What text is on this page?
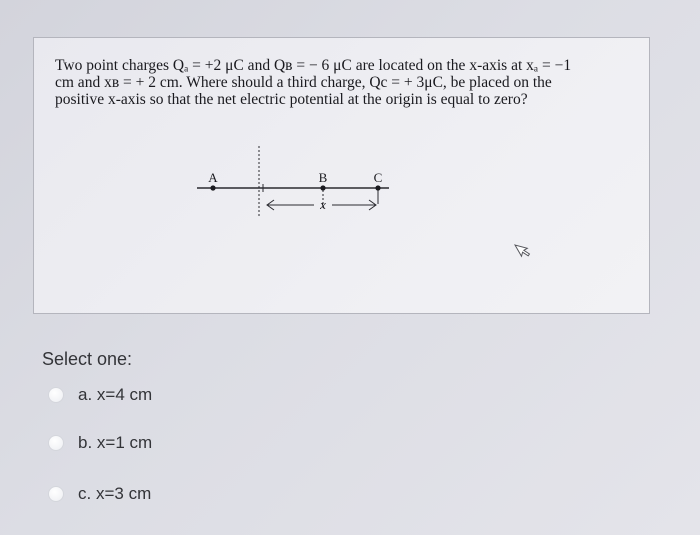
Two point charges Qₐ = +2 μC and Qʙ = − 6 μC are located on the x-axis at xₐ = −1
cm and xʙ = + 2 cm. Where should a third charge, Qc = + 3μC, be placed on the
positive x-axis so that the net electric potential at the origin is equal to zero?

A	B	C
x

Select one:

a. x=4 cm
b. x=1 cm
c. x=3 cm
